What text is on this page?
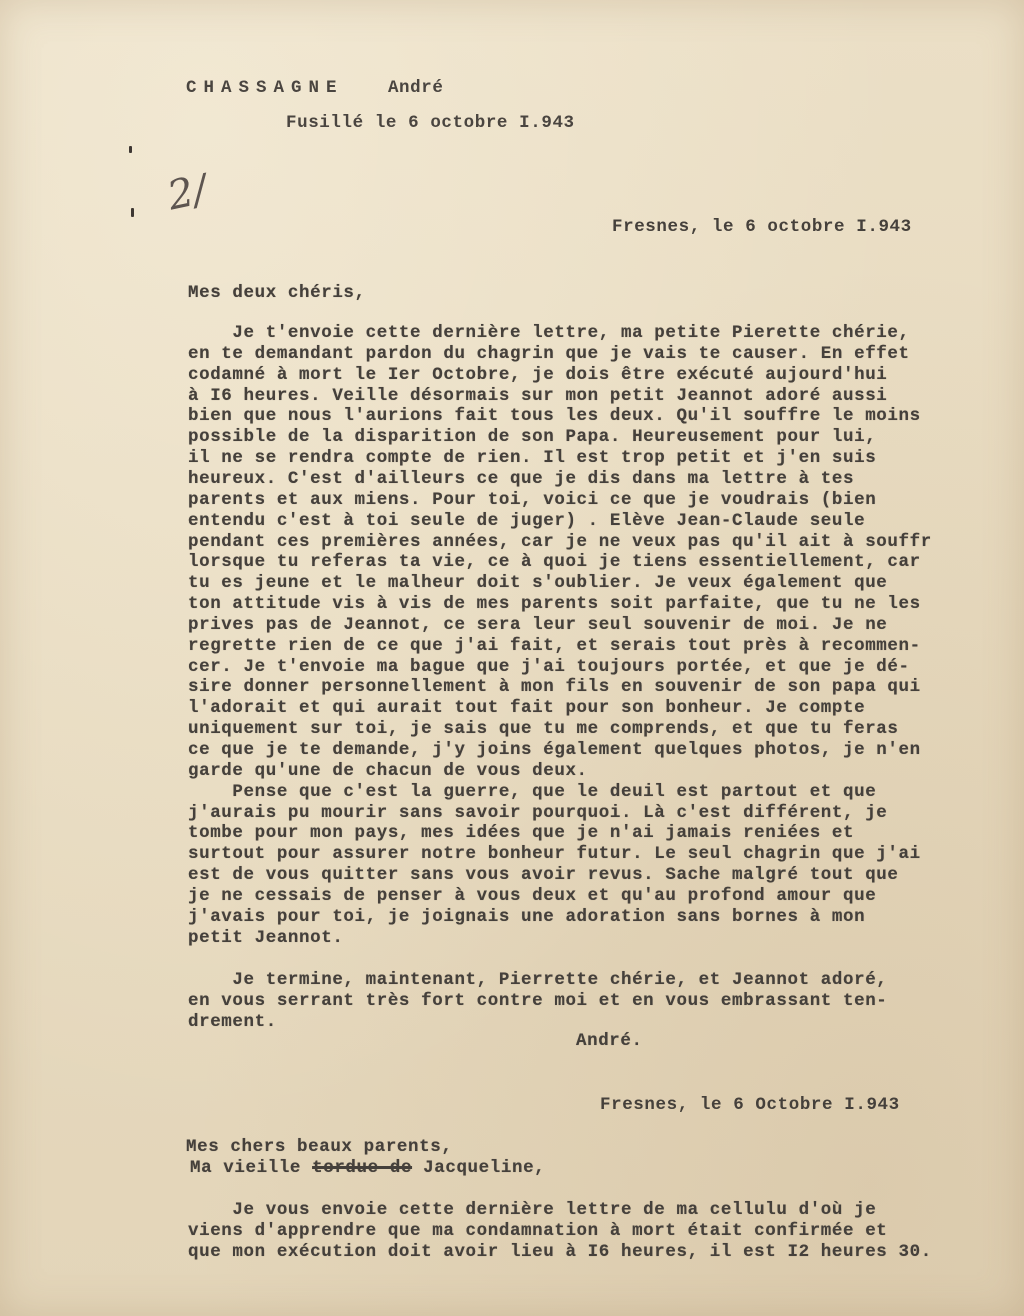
CHASSAGNE	André
Fusillé le 6 octobre I.943
2/
Fresnes, le 6 octobre I.943
Mes deux chéris,
Je t'envoie cette dernière lettre, ma petite Pierette chérie,
en te demandant pardon du chagrin que je vais te causer. En effet
codamné à mort le Ier Octobre, je dois être exécuté aujourd'hui
à I6 heures. Veille désormais sur mon petit Jeannot adoré aussi
bien que nous l'aurions fait tous les deux. Qu'il souffre le moins
possible de la disparition de son Papa. Heureusement pour lui,
il ne se rendra compte de rien. Il est trop petit et j'en suis
heureux. C'est d'ailleurs ce que je dis dans ma lettre à tes
parents et aux miens. Pour toi, voici ce que je voudrais (bien
entendu c'est à toi seule de juger) . Elève Jean-Claude seule
pendant ces premières années, car je ne veux pas qu'il ait à souffr
lorsque tu referas ta vie, ce à quoi je tiens essentiellement, car
tu es jeune et le malheur doit s'oublier. Je veux également que
ton attitude vis à vis de mes parents soit parfaite, que tu ne les
prives pas de Jeannot, ce sera leur seul souvenir de moi. Je ne
regrette rien de ce que j'ai fait, et serais tout près à recommen-
cer. Je t'envoie ma bague que j'ai toujours portée, et que je dé-
sire donner personnellement à mon fils en souvenir de son papa qui
l'adorait et qui aurait tout fait pour son bonheur. Je compte
uniquement sur toi, je sais que tu me comprends, et que tu feras
ce que je te demande, j'y joins également quelques photos, je n'en
garde qu'une de chacun de vous deux.
Pense que c'est la guerre, que le deuil est partout et que
j'aurais pu mourir sans savoir pourquoi. Là c'est différent, je
tombe pour mon pays, mes idées que je n'ai jamais reniées et
surtout pour assurer notre bonheur futur. Le seul chagrin que j'ai
est de vous quitter sans vous avoir revus. Sache malgré tout que
je ne cessais de penser à vous deux et qu'au profond amour que
j'avais pour toi, je joignais une adoration sans bornes à mon
petit Jeannot.
Je termine, maintenant, Pierrette chérie, et Jeannot adoré,
en vous serrant très fort contre moi et en vous embrassant ten-
drement.
André.
Fresnes, le 6 Octobre I.943
Mes chers beaux parents,
Ma vieille tordue de Jacqueline,
Je vous envoie cette dernière lettre de ma cellulu d'où je
viens d'apprendre que ma condamnation à mort était confirmée et
que mon exécution doit avoir lieu à I6 heures, il est I2 heures 30.
